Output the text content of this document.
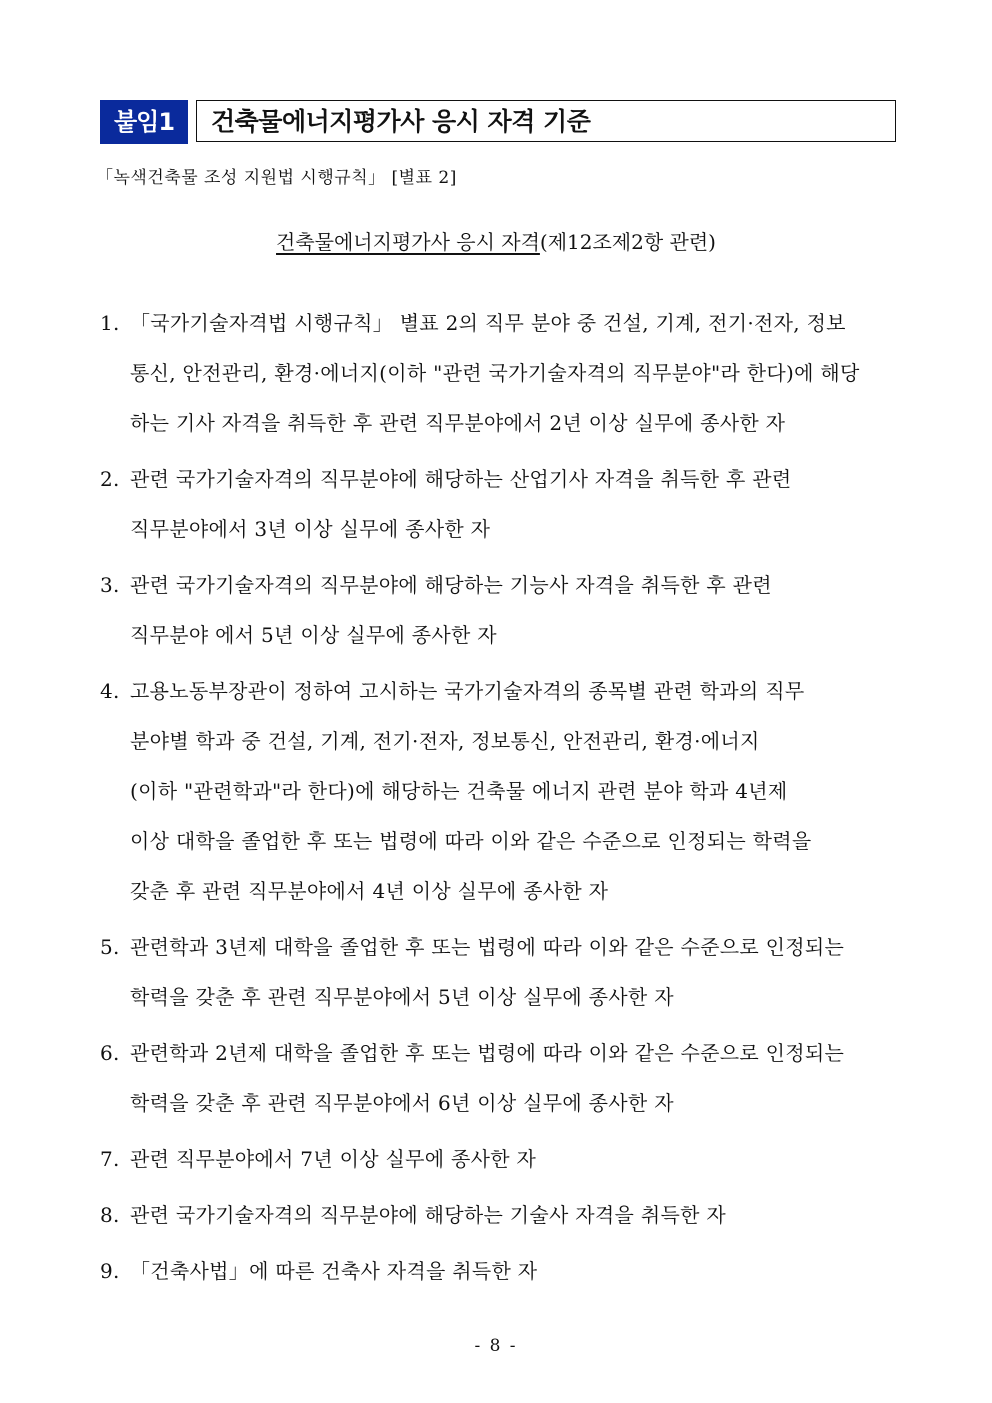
붙임1	건축물에너지평가사 응시 자격 기준
「녹색건축물 조성 지원법 시행규칙」 [별표 2]
건축물에너지평가사 응시 자격(제12조제2항 관련)
1. 「국가기술자격법 시행규칙」 별표 2의 직무 분야 중 건설, 기계, 전기·전자, 정보
통신, 안전관리, 환경·에너지(이하 "관련 국가기술자격의 직무분야"라 한다)에 해당
하는 기사 자격을 취득한 후 관련 직무분야에서 2년 이상 실무에 종사한 자
2. 관련 국가기술자격의 직무분야에 해당하는 산업기사 자격을 취득한 후 관련
직무분야에서 3년 이상 실무에 종사한 자
3. 관련 국가기술자격의 직무분야에 해당하는 기능사 자격을 취득한 후 관련
직무분야 에서 5년 이상 실무에 종사한 자
4. 고용노동부장관이 정하여 고시하는 국가기술자격의 종목별 관련 학과의 직무
분야별 학과 중 건설, 기계, 전기·전자, 정보통신, 안전관리, 환경·에너지
(이하 "관련학과"라 한다)에 해당하는 건축물 에너지 관련 분야 학과 4년제
이상 대학을 졸업한 후 또는 법령에 따라 이와 같은 수준으로 인정되는 학력을
갖춘 후 관련 직무분야에서 4년 이상 실무에 종사한 자
5. 관련학과 3년제 대학을 졸업한 후 또는 법령에 따라 이와 같은 수준으로 인정되는
학력을 갖춘 후 관련 직무분야에서 5년 이상 실무에 종사한 자
6. 관련학과 2년제 대학을 졸업한 후 또는 법령에 따라 이와 같은 수준으로 인정되는
학력을 갖춘 후 관련 직무분야에서 6년 이상 실무에 종사한 자
7. 관련 직무분야에서 7년 이상 실무에 종사한 자
8. 관련 국가기술자격의 직무분야에 해당하는 기술사 자격을 취득한 자
9. 「건축사법」에 따른 건축사 자격을 취득한 자
- 8 -
